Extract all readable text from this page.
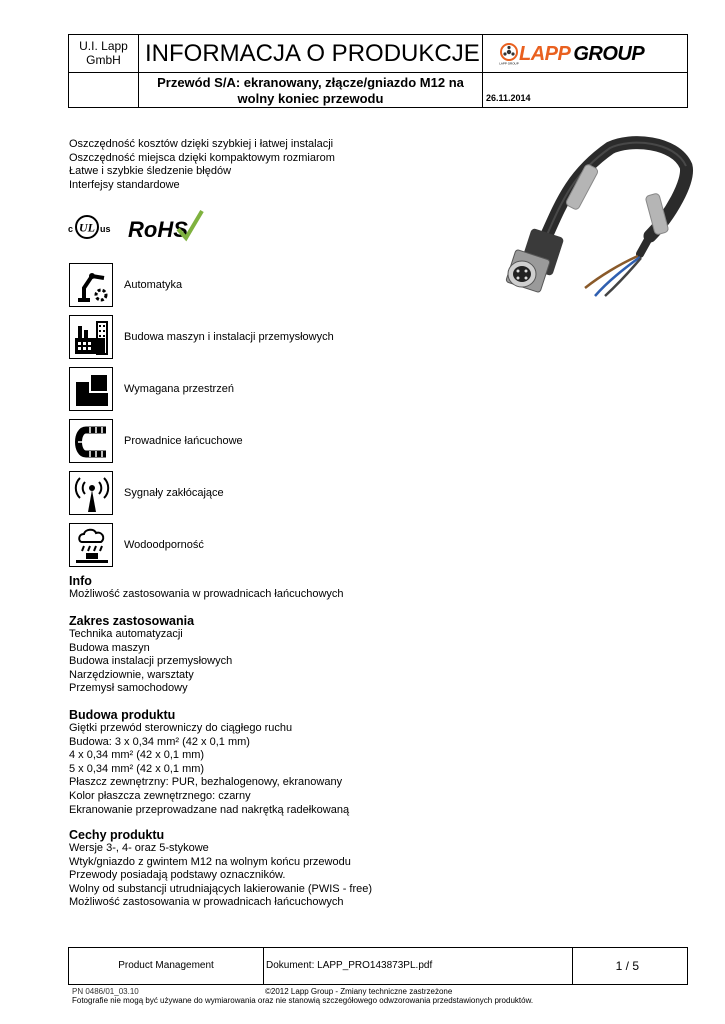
U.I. Lapp
GmbH	INFORMACJA O PRODUKCJE	LAPP GROUP LAPP GROUP
Przewód S/A: ekranowany, złącze/gniazdo M12 na
wolny koniec przewodu	26.11.2014
Oszczędność kosztów dzięki szybkiej i łatwej instalacji
Oszczędność miejsca dzięki kompaktowym rozmiarom
Łatwe i szybkie śledzenie błędów
Interfejsy standardowe
c UL us RoHS
Automatyka
Budowa maszyn i instalacji przemysłowych
Wymagana przestrzeń
Prowadnice łańcuchowe
Sygnały zakłócające
Wodoodporność
Info
Możliwość zastosowania w prowadnicach łańcuchowych
Zakres zastosowania
Technika automatyzacji
Budowa maszyn
Budowa instalacji przemysłowych
Narzędziownie, warsztaty
Przemysł samochodowy
Budowa produktu
Giętki przewód sterowniczy do ciągłego ruchu
Budowa: 3 x 0,34 mm² (42 x 0,1 mm)
4 x 0,34 mm² (42 x 0,1 mm)
5 x 0,34 mm² (42 x 0,1 mm)
Płaszcz zewnętrzny: PUR, bezhalogenowy, ekranowany
Kolor płaszcza zewnętrznego: czarny
Ekranowanie przeprowadzane nad nakrętką radełkowaną
Cechy produktu
Wersje 3-, 4- oraz 5-stykowe
Wtyk/gniazdo z gwintem M12 na wolnym końcu przewodu
Przewody posiadają podstawy oznaczników.
Wolny od substancji utrudniających lakierowanie (PWIS - free)
Możliwość zastosowania w prowadnicach łańcuchowych
Product Management	Dokument: LAPP_PRO143873PL.pdf	1 / 5
PN 0486/01_03.10	©2012 Lapp Group - Zmiany techniczne zastrzeżone
Fotografie nie mogą być używane do wymiarowania oraz nie stanowią szczegółowego odwzorowania przedstawionych produktów.
